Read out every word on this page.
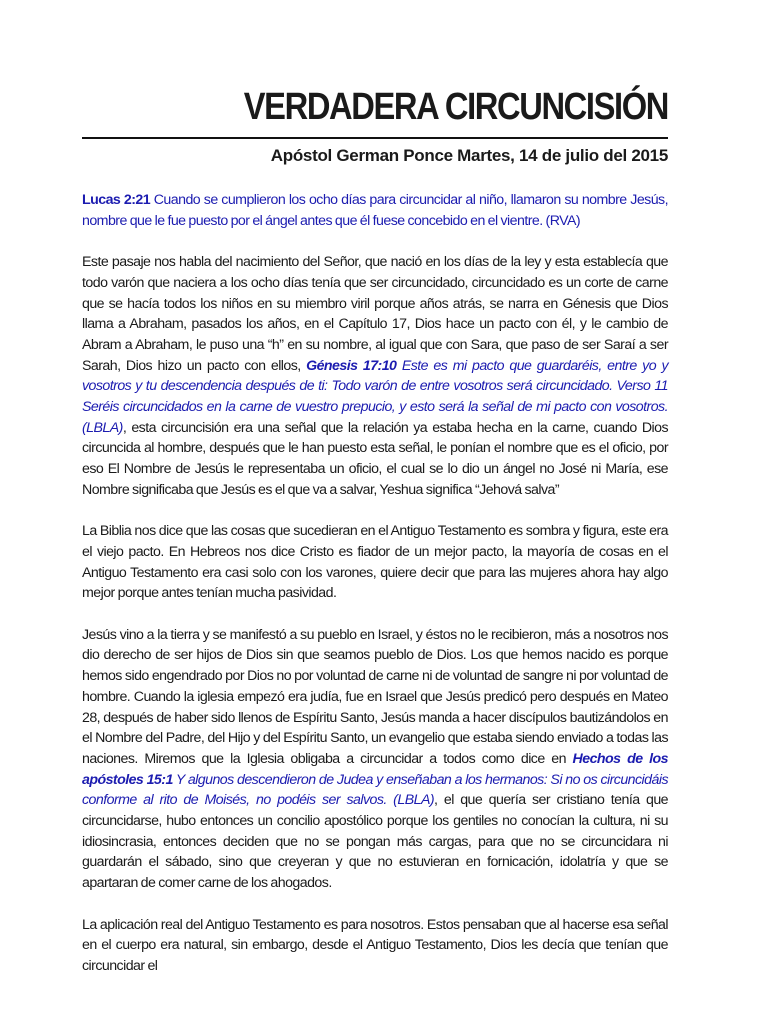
VERDADERA CIRCUNCISIÓN
Apóstol German Ponce Martes, 14 de julio del 2015

Lucas 2:21 Cuando se cumplieron los ocho días para circuncidar al niño, llamaron su nombre Jesús, nombre que le fue puesto por el ángel antes que él fuese concebido en el vientre. (RVA)

Este pasaje nos habla del nacimiento del Señor, que nació en los días de la ley y esta establecía que todo varón que naciera a los ocho días tenía que ser circuncidado, circuncidado es un corte de carne que se hacía todos los niños en su miembro viril porque años atrás, se narra en Génesis que Dios llama a Abraham, pasados los años, en el Capítulo 17, Dios hace un pacto con él, y le cambio de Abram a Abraham, le puso una “h” en su nombre, al igual que con Sara, que paso de ser Saraí a ser Sarah, Dios hizo un pacto con ellos, Génesis 17:10 Este es mi pacto que guardaréis, entre yo y vosotros y tu descendencia después de ti: Todo varón de entre vosotros será circuncidado. Verso 11 Seréis circuncidados en la carne de vuestro prepucio, y esto será la señal de mi pacto con vosotros. (LBLA), esta circuncisión era una señal que la relación ya estaba hecha en la carne, cuando Dios circuncida al hombre, después que le han puesto esta señal, le ponían el nombre que es el oficio, por eso El Nombre de Jesús le representaba un oficio, el cual se lo dio un ángel no José ni María, ese Nombre significaba que Jesús es el que va a salvar, Yeshua significa “Jehová salva”

La Biblia nos dice que las cosas que sucedieran en el Antiguo Testamento es sombra y figura, este era el viejo pacto. En Hebreos nos dice Cristo es fiador de un mejor pacto, la mayoría de cosas en el Antiguo Testamento era casi solo con los varones, quiere decir que para las mujeres ahora hay algo mejor porque antes tenían mucha pasividad.

Jesús vino a la tierra y se manifestó a su pueblo en Israel, y éstos no le recibieron, más a nosotros nos dio derecho de ser hijos de Dios sin que seamos pueblo de Dios. Los que hemos nacido es porque hemos sido engendrado por Dios no por voluntad de carne ni de voluntad de sangre ni por voluntad de hombre. Cuando la iglesia empezó era judía, fue en Israel que Jesús predicó pero después en Mateo 28, después de haber sido llenos de Espíritu Santo, Jesús manda a hacer discípulos bautizándolos en el Nombre del Padre, del Hijo y del Espíritu Santo, un evangelio que estaba siendo enviado a todas las naciones. Miremos que la Iglesia obligaba a circuncidar a todos como dice en Hechos de los apóstoles 15:1 Y algunos descendieron de Judea y enseñaban a los hermanos: Si no os circuncidáis conforme al rito de Moisés, no podéis ser salvos. (LBLA), el que quería ser cristiano tenía que circuncidarse, hubo entonces un concilio apostólico porque los gentiles no conocían la cultura, ni su idiosincrasia, entonces deciden que no se pongan más cargas, para que no se circuncidara ni guardarán el sábado, sino que creyeran y que no estuvieran en fornicación, idolatría y que se apartaran de comer carne de los ahogados.

La aplicación real del Antiguo Testamento es para nosotros. Estos pensaban que al hacerse esa señal en el cuerpo era natural, sin embargo, desde el Antiguo Testamento, Dios les decía que tenían que circuncidar el
